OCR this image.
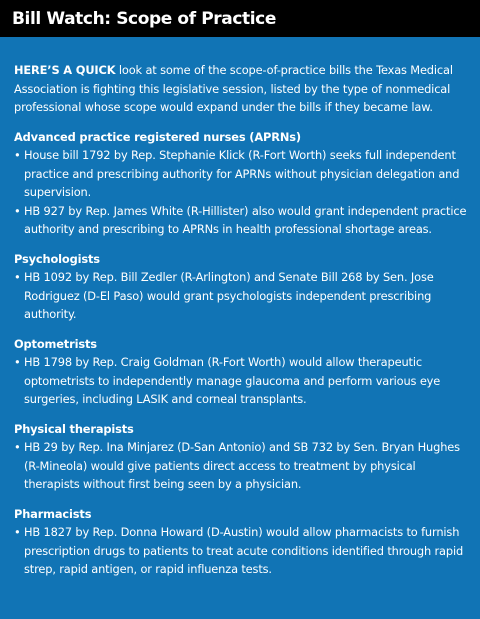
Bill Watch: Scope of Practice

HERE’S A QUICK look at some of the scope-of-practice bills the Texas Medical Association is fighting this legislative session, listed by the type of nonmedical professional whose scope would expand under the bills if they became law.

Advanced practice registered nurses (APRNs)

• House bill 1792 by Rep. Stephanie Klick (R-Fort Worth) seeks full independent practice and prescribing authority for APRNs without physician delegation and supervision.
• HB 927 by Rep. James White (R-Hillister) also would grant independent practice authority and prescribing to APRNs in health professional shortage areas.

Psychologists

• HB 1092 by Rep. Bill Zedler (R-Arlington) and Senate Bill 268 by Sen. Jose Rodriguez (D-El Paso) would grant psychologists independent prescribing authority.

Optometrists

• HB 1798 by Rep. Craig Goldman (R-Fort Worth) would allow therapeutic optometrists to independently manage glaucoma and perform various eye surgeries, including LASIK and corneal transplants.

Physical therapists

• HB 29 by Rep. Ina Minjarez (D-San Antonio) and SB 732 by Sen. Bryan Hughes (R-Mineola) would give patients direct access to treatment by physical therapists without first being seen by a physician.

Pharmacists

• HB 1827 by Rep. Donna Howard (D-Austin) would allow pharmacists to furnish prescription drugs to patients to treat acute conditions identified through rapid strep, rapid antigen, or rapid influenza tests.
